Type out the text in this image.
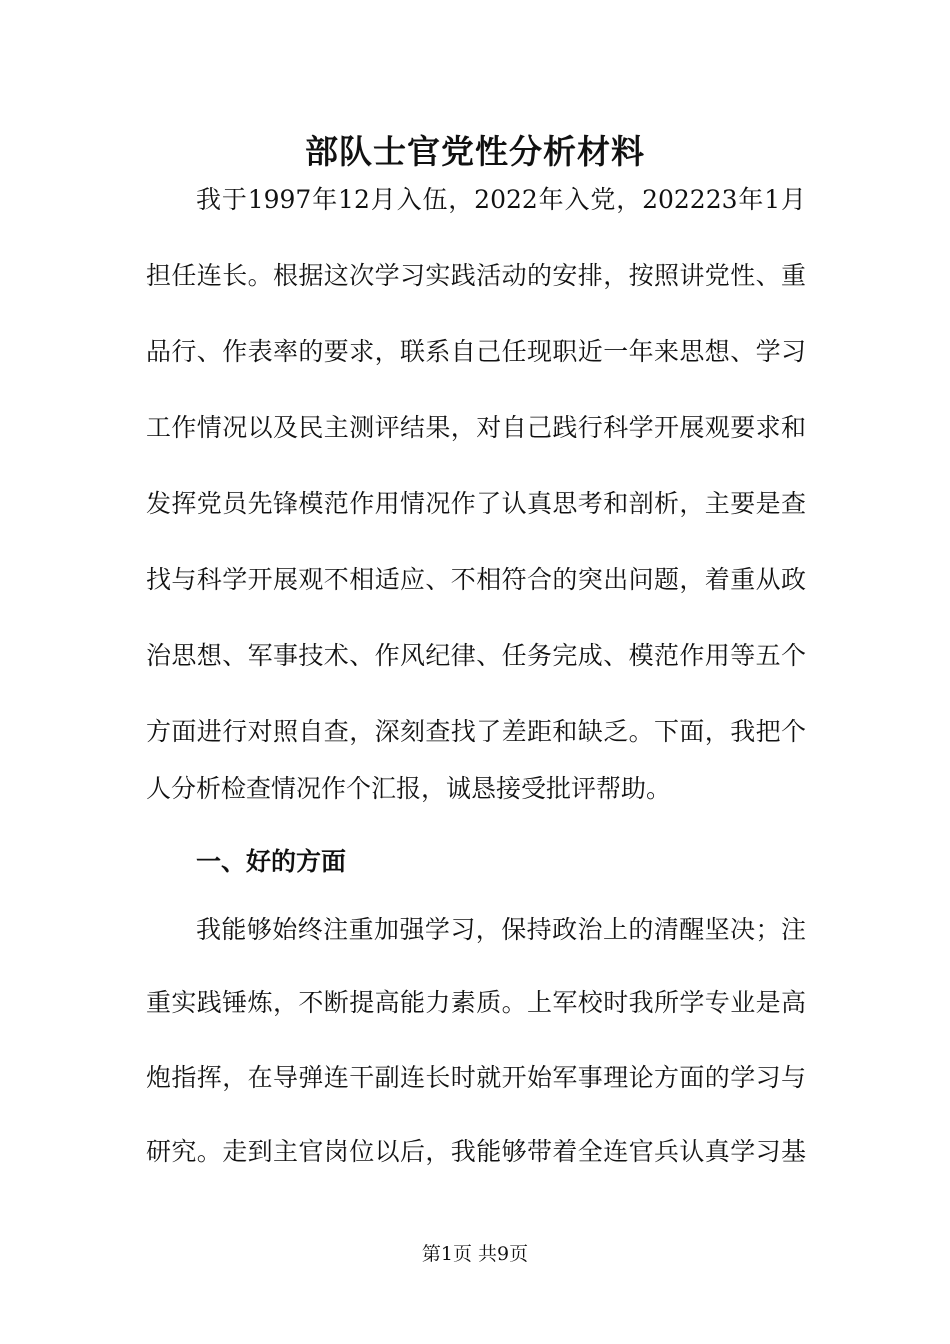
部队士官党性分析材料
我于1997年12月入伍，2022年入党，202223年1月
担任连长。根据这次学习实践活动的安排，按照讲党性、重
品行、作表率的要求，联系自己任现职近一年来思想、学习
工作情况以及民主测评结果，对自己践行科学开展观要求和
发挥党员先锋模范作用情况作了认真思考和剖析，主要是查
找与科学开展观不相适应、不相符合的突出问题，着重从政
治思想、军事技术、作风纪律、任务完成、模范作用等五个
方面进行对照自查，深刻查找了差距和缺乏。下面，我把个
人分析检查情况作个汇报，诚恳接受批评帮助。
一、好的方面
我能够始终注重加强学习，保持政治上的清醒坚决；注
重实践锤炼，不断提高能力素质。上军校时我所学专业是高
炮指挥，在导弹连干副连长时就开始军事理论方面的学习与
研究。走到主官岗位以后，我能够带着全连官兵认真学习基
第1页 共9页
